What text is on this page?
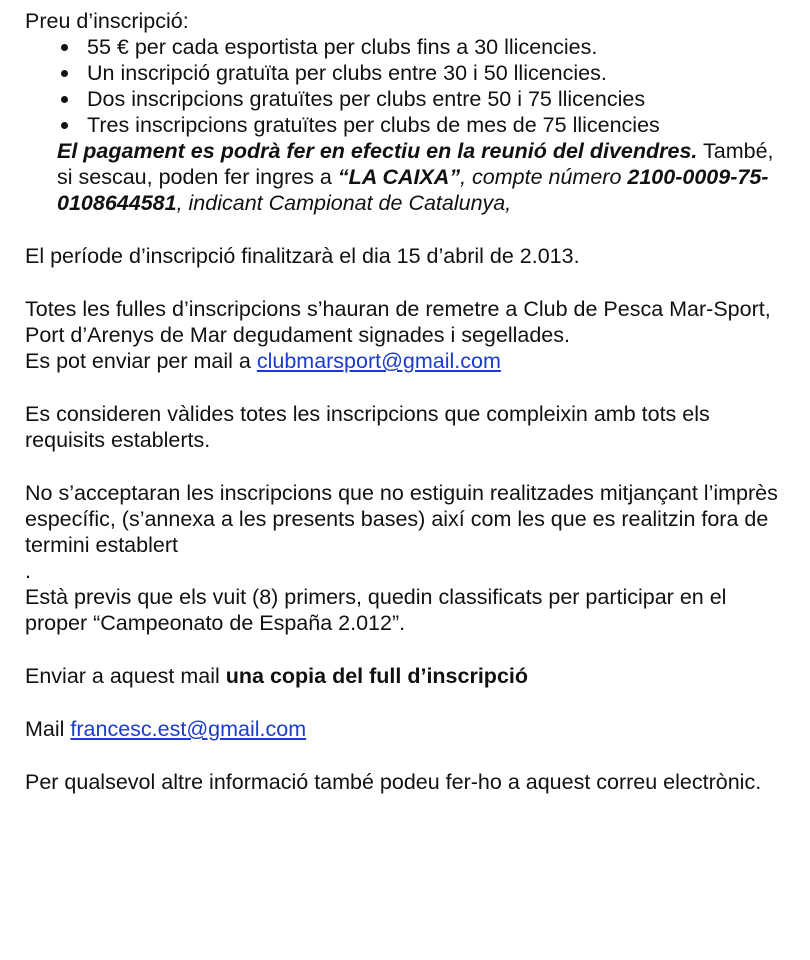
Preu d’inscripció:

55 € per cada esportista per clubs fins a 30 llicencies.
Un inscripció gratuïta per clubs entre 30 i 50 llicencies.
Dos inscripcions gratuïtes per clubs entre 50 i 75 llicencies
Tres inscripcions gratuïtes per clubs de mes de 75 llicencies

El pagament es podrà fer en efectiu en la reunió del divendres. També, si sescau, poden fer ingres a “LA CAIXA”, compte número 2100-0009-75-0108644581, indicant Campionat de Catalunya,

El període d’inscripció finalitzarà el dia 15 d’abril de 2.013.

Totes les fulles d’inscripcions s’hauran de remetre a Club de Pesca Mar-Sport, Port d’Arenys de Mar degudament signades i segellades.
Es pot enviar per mail a clubmarsport@gmail.com

Es consideren vàlides totes les inscripcions que compleixin amb tots els requisits establerts.

No s’acceptaran les inscripcions que no estiguin realitzades mitjançant l’imprès específic, (s’annexa a les presents bases) així com les que es realitzin fora de termini establert

.

Està previs que els vuit (8) primers, quedin classificats per participar en el proper “Campeonato de España 2.012”.

Enviar a aquest mail una copia del full d’inscripció

Mail francesc.est@gmail.com

Per qualsevol altre informació també podeu fer-ho a aquest correu electrònic.
